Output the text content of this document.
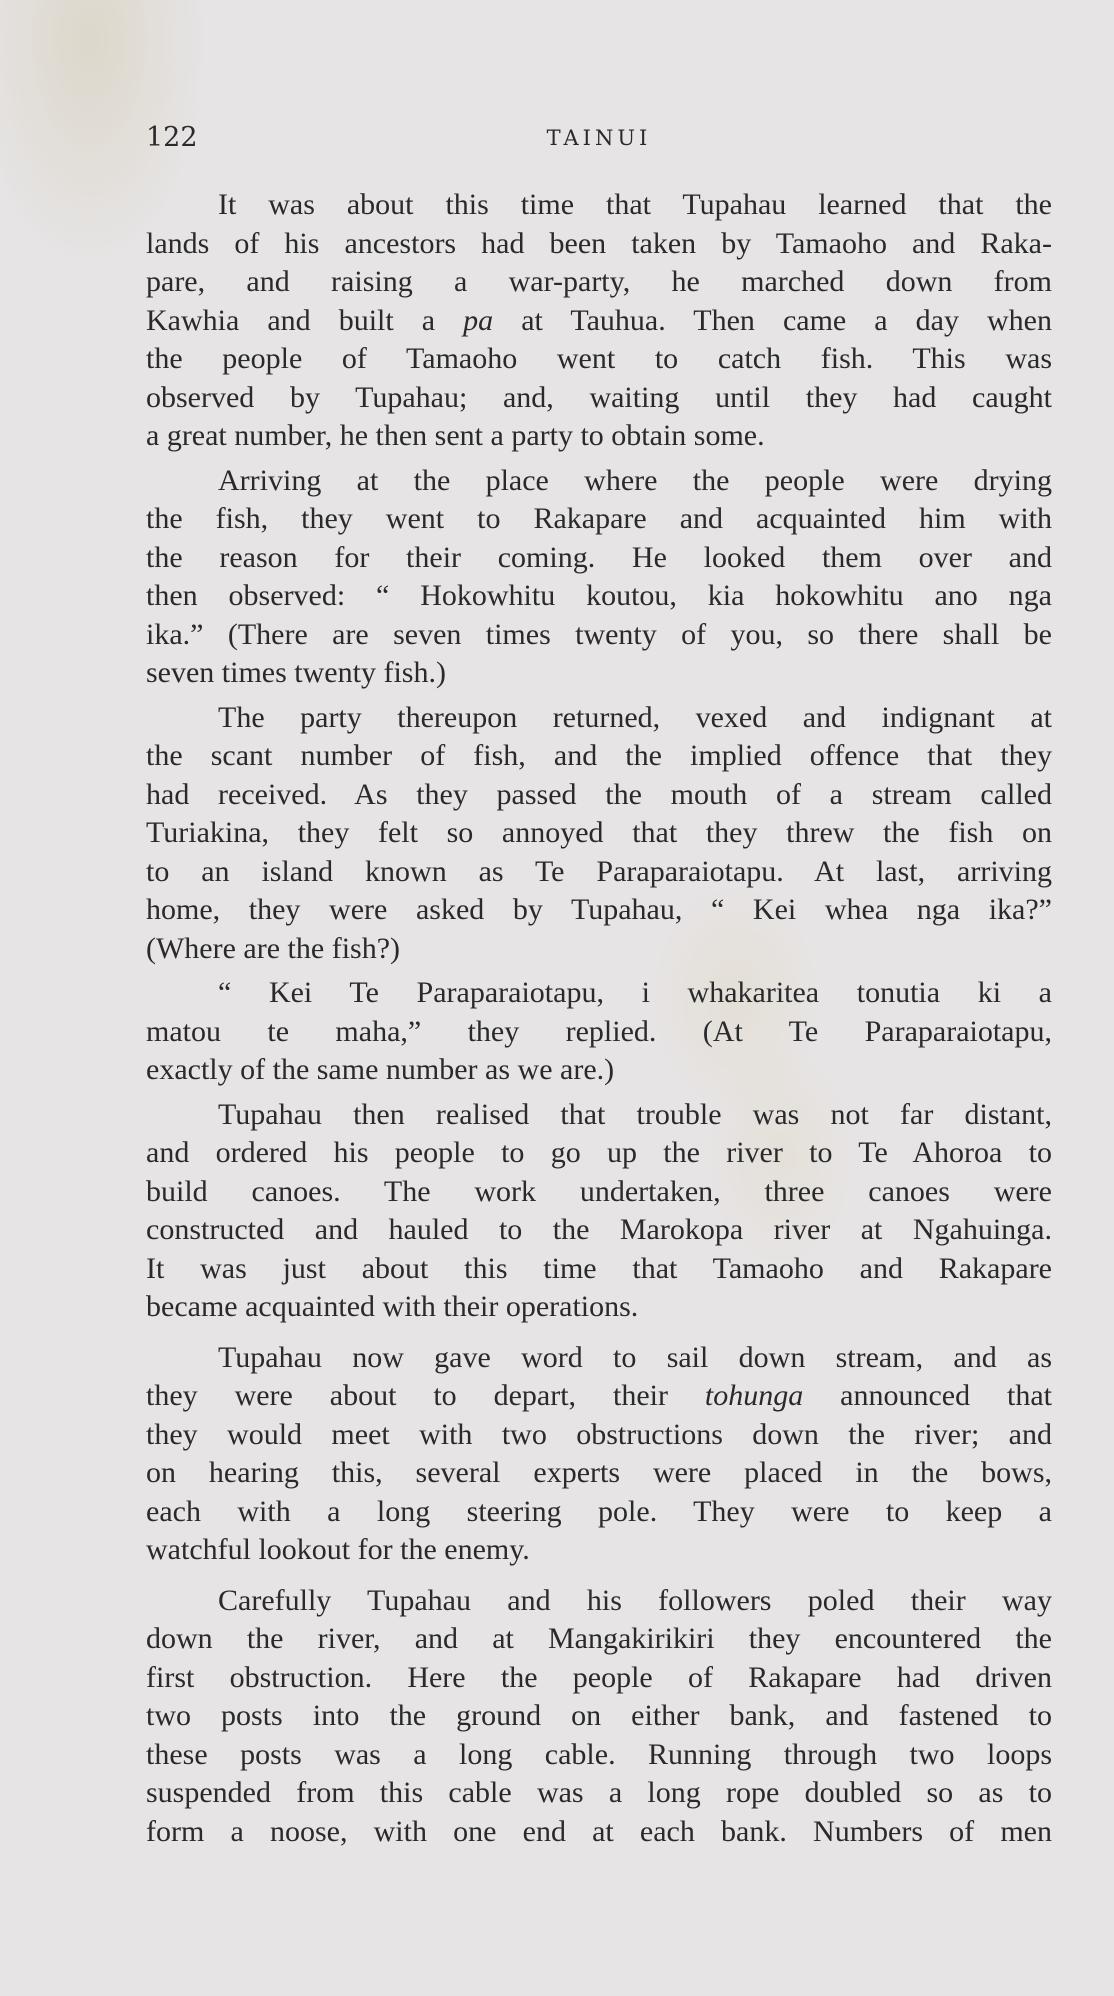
122	TAINUI
It was about this time that Tupahau learned that the
lands of his ancestors had been taken by Tamaoho and Raka-
pare, and raising a war-party, he marched down from
Kawhia and built a pa at Tauhua. Then came a day when
the people of Tamaoho went to catch fish. This was
observed by Tupahau; and, waiting until they had caught
a great number, he then sent a party to obtain some.
Arriving at the place where the people were drying
the fish, they went to Rakapare and acquainted him with
the reason for their coming. He looked them over and
then observed: “ Hokowhitu koutou, kia hokowhitu ano nga
ika.” (There are seven times twenty of you, so there shall be
seven times twenty fish.)
The party thereupon returned, vexed and indignant at
the scant number of fish, and the implied offence that they
had received. As they passed the mouth of a stream called
Turiakina, they felt so annoyed that they threw the fish on
to an island known as Te Paraparaiotapu. At last, arriving
home, they were asked by Tupahau, “ Kei whea nga ika?”
(Where are the fish?)
“ Kei Te Paraparaiotapu, i whakaritea tonutia ki a
matou te maha,” they replied. (At Te Paraparaiotapu,
exactly of the same number as we are.)
Tupahau then realised that trouble was not far distant,
and ordered his people to go up the river to Te Ahoroa to
build canoes. The work undertaken, three canoes were
constructed and hauled to the Marokopa river at Ngahuinga.
It was just about this time that Tamaoho and Rakapare
became acquainted with their operations.
Tupahau now gave word to sail down stream, and as
they were about to depart, their tohunga announced that
they would meet with two obstructions down the river; and
on hearing this, several experts were placed in the bows,
each with a long steering pole. They were to keep a
watchful lookout for the enemy.
Carefully Tupahau and his followers poled their way
down the river, and at Mangakirikiri they encountered the
first obstruction. Here the people of Rakapare had driven
two posts into the ground on either bank, and fastened to
these posts was a long cable. Running through two loops
suspended from this cable was a long rope doubled so as to
form a noose, with one end at each bank. Numbers of men
